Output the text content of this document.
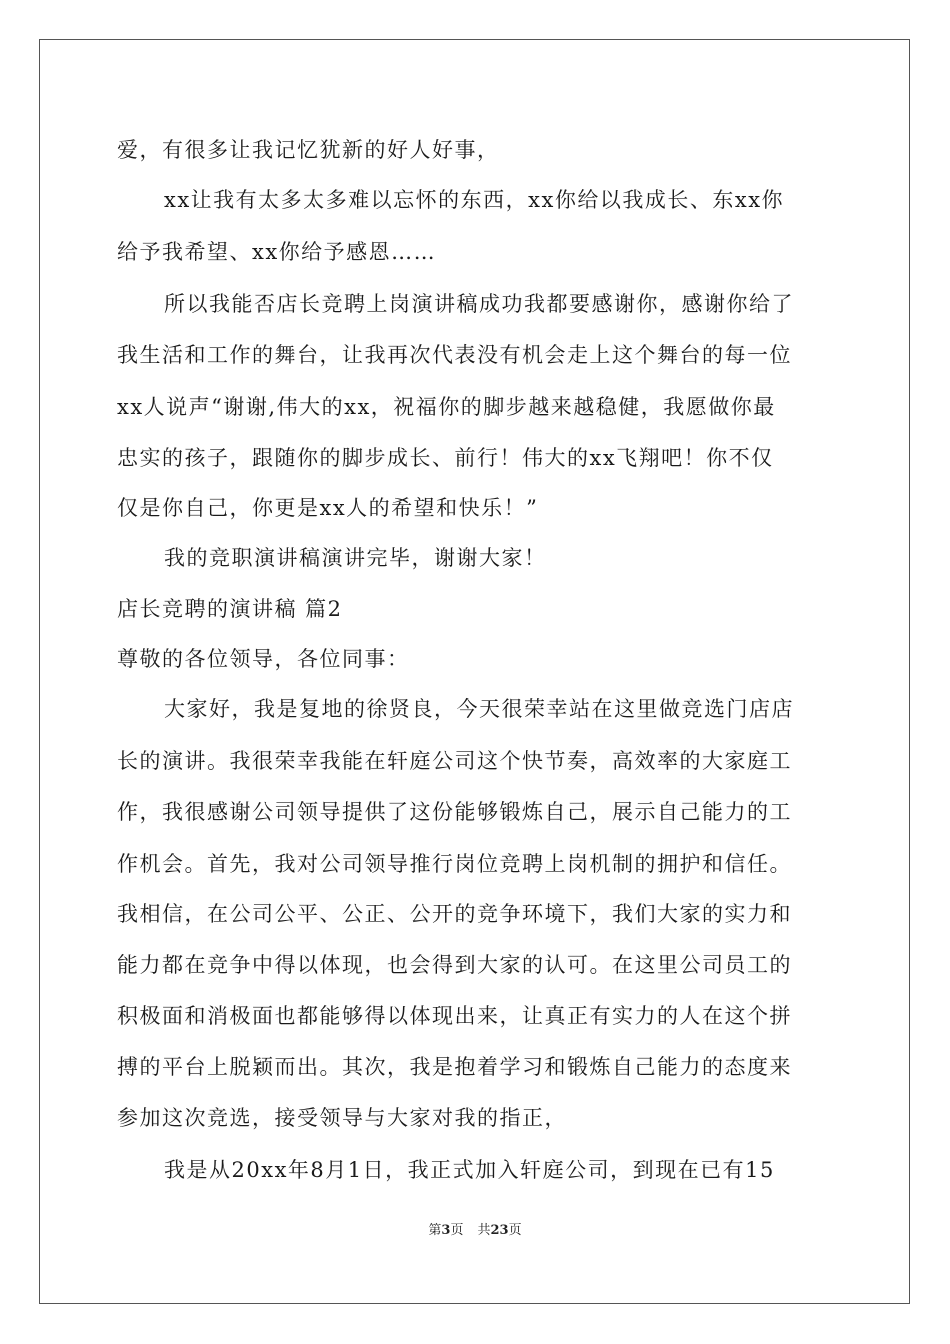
爱，有很多让我记忆犹新的好人好事，
xx让我有太多太多难以忘怀的东西，xx你给以我成长、东xx你
给予我希望、xx你给予感恩……
所以我能否店长竞聘上岗演讲稿成功我都要感谢你，感谢你给了
我生活和工作的舞台，让我再次代表没有机会走上这个舞台的每一位
xx人说声“谢谢,伟大的xx，祝福你的脚步越来越稳健，我愿做你最
忠实的孩子，跟随你的脚步成长、前行！伟大的xx飞翔吧！你不仅
仅是你自己，你更是xx人的希望和快乐！”
我的竞职演讲稿演讲完毕，谢谢大家！
店长竞聘的演讲稿 篇2
尊敬的各位领导，各位同事：
大家好，我是复地的徐贤良，今天很荣幸站在这里做竞选门店店
长的演讲。我很荣幸我能在轩庭公司这个快节奏，高效率的大家庭工
作，我很感谢公司领导提供了这份能够锻炼自己，展示自己能力的工
作机会。首先，我对公司领导推行岗位竞聘上岗机制的拥护和信任。
我相信，在公司公平、公正、公开的竞争环境下，我们大家的实力和
能力都在竞争中得以体现，也会得到大家的认可。在这里公司员工的
积极面和消极面也都能够得以体现出来，让真正有实力的人在这个拼
搏的平台上脱颖而出。其次，我是抱着学习和锻炼自己能力的态度来
参加这次竞选，接受领导与大家对我的指正，
我是从20xx年8月1日，我正式加入轩庭公司，到现在已有15
第3页 共23页
